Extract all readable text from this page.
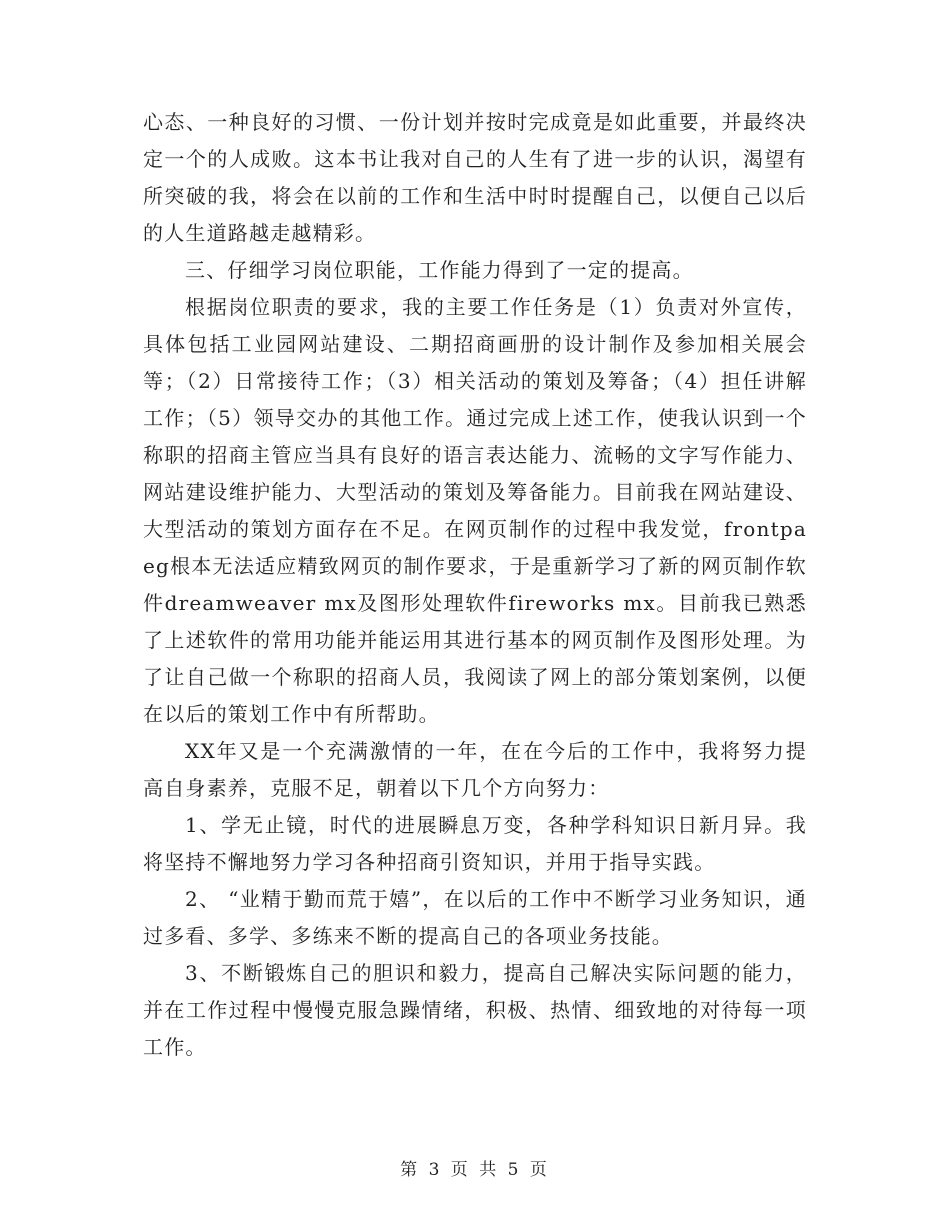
心态、一种良好的习惯、一份计划并按时完成竟是如此重要，并最终决定一个的人成败。这本书让我对自己的人生有了进一步的认识，渴望有所突破的我，将会在以前的工作和生活中时时提醒自己，以便自己以后的人生道路越走越精彩。

三、仔细学习岗位职能，工作能力得到了一定的提高。

根据岗位职责的要求，我的主要工作任务是（1）负责对外宣传，具体包括工业园网站建设、二期招商画册的设计制作及参加相关展会等；（2）日常接待工作；（3）相关活动的策划及筹备；（4）担任讲解工作；（5）领导交办的其他工作。通过完成上述工作，使我认识到一个称职的招商主管应当具有良好的语言表达能力、流畅的文字写作能力、网站建设维护能力、大型活动的策划及筹备能力。目前我在网站建设、大型活动的策划方面存在不足。在网页制作的过程中我发觉，frontpaeg根本无法适应精致网页的制作要求，于是重新学习了新的网页制作软件dreamweaver mx及图形处理软件fireworks mx。目前我已熟悉了上述软件的常用功能并能运用其进行基本的网页制作及图形处理。为了让自己做一个称职的招商人员，我阅读了网上的部分策划案例，以便在以后的策划工作中有所帮助。

XX年又是一个充满激情的一年，在在今后的工作中，我将努力提高自身素养，克服不足，朝着以下几个方向努力：

1、学无止镜，时代的进展瞬息万变，各种学科知识日新月异。我将坚持不懈地努力学习各种招商引资知识，并用于指导实践。

2、 “业精于勤而荒于嬉”，在以后的工作中不断学习业务知识，通过多看、多学、多练来不断的提高自己的各项业务技能。

3、不断锻炼自己的胆识和毅力，提高自己解决实际问题的能力，并在工作过程中慢慢克服急躁情绪，积极、热情、细致地的对待每一项工作。

第 3 页 共 5 页
